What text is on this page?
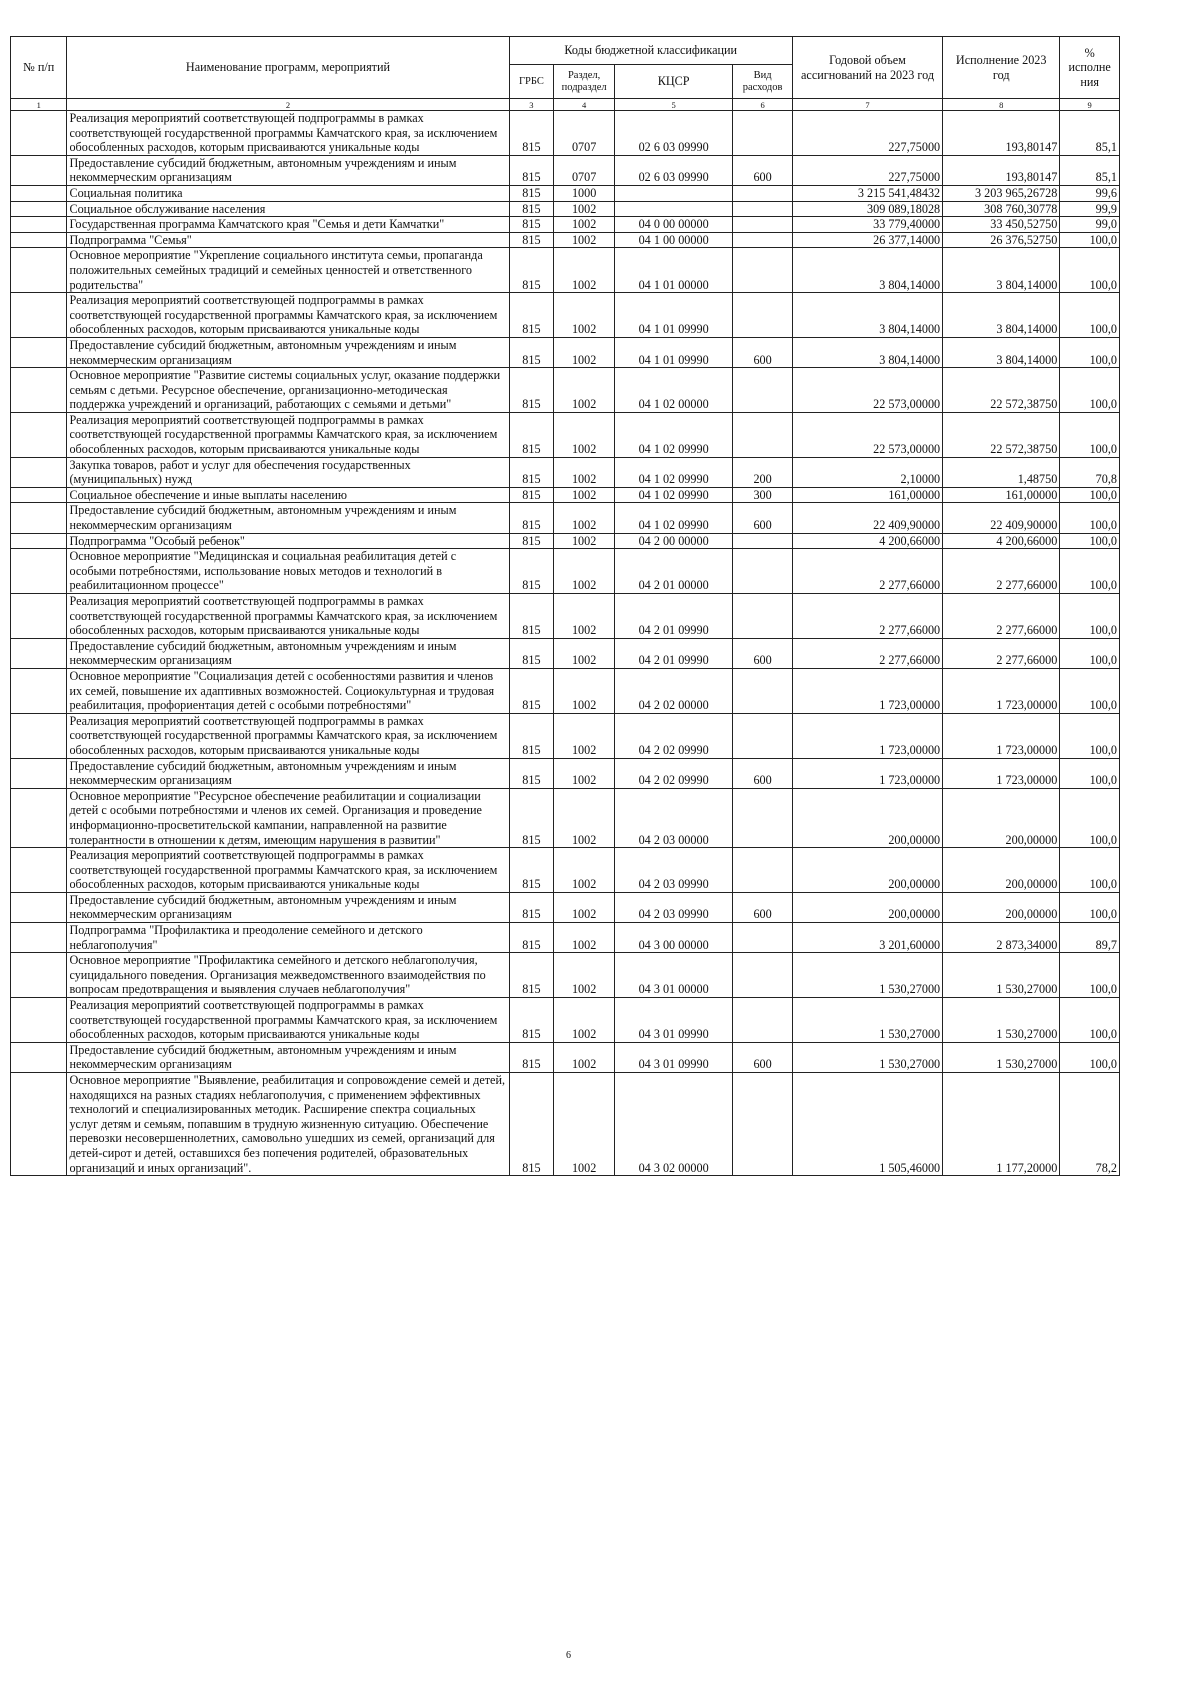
№ п/п	Наименование программ, мероприятий	Коды бюджетной классификации				Годовой объем ассигнований на 2023 год	Исполнение 2023 год	% исполне ния
		ГРБС	Раздел, подраздел	КЦСР	Вид расходов			
1	2	3	4	5	6	7	8	9
	Реализация мероприятий соответствующей подпрограммы в рамках соответствующей государственной программы Камчатского края, за исключением обособленных расходов, которым присваиваются уникальные коды	815	0707	02 6 03 09990		227,75000	193,80147	85,1
	Предоставление субсидий бюджетным, автономным учреждениям и иным некоммерческим организациям	815	0707	02 6 03 09990	600	227,75000	193,80147	85,1
	Социальная политика	815	1000			3 215 541,48432	3 203 965,26728	99,6
	Социальное обслуживание населения	815	1002			309 089,18028	308 760,30778	99,9
	Государственная программа Камчатского края "Семья и дети Камчатки"	815	1002	04 0 00 00000		33 779,40000	33 450,52750	99,0
	Подпрограмма "Семья"	815	1002	04 1 00 00000		26 377,14000	26 376,52750	100,0
	Основное мероприятие "Укрепление социального института семьи, пропаганда положительных семейных традиций и семейных ценностей и ответственного родительства"	815	1002	04 1 01 00000		3 804,14000	3 804,14000	100,0
	Реализация мероприятий соответствующей подпрограммы в рамках соответствующей государственной программы Камчатского края, за исключением обособленных расходов, которым присваиваются уникальные коды	815	1002	04 1 01 09990		3 804,14000	3 804,14000	100,0
	Предоставление субсидий бюджетным, автономным учреждениям и иным некоммерческим организациям	815	1002	04 1 01 09990	600	3 804,14000	3 804,14000	100,0
	Основное мероприятие "Развитие системы социальных услуг, оказание поддержки семьям с детьми. Ресурсное обеспечение, организационно-методическая поддержка учреждений и организаций, работающих с семьями и детьми"	815	1002	04 1 02 00000		22 573,00000	22 572,38750	100,0
	Реализация мероприятий соответствующей подпрограммы в рамках соответствующей государственной программы Камчатского края, за исключением обособленных расходов, которым присваиваются уникальные коды	815	1002	04 1 02 09990		22 573,00000	22 572,38750	100,0
	Закупка товаров, работ и услуг для обеспечения государственных (муниципальных) нужд	815	1002	04 1 02 09990	200	2,10000	1,48750	70,8
	Социальное обеспечение и иные выплаты населению	815	1002	04 1 02 09990	300	161,00000	161,00000	100,0
	Предоставление субсидий бюджетным, автономным учреждениям и иным некоммерческим организациям	815	1002	04 1 02 09990	600	22 409,90000	22 409,90000	100,0
	Подпрограмма "Особый ребенок"	815	1002	04 2 00 00000		4 200,66000	4 200,66000	100,0
	Основное мероприятие "Медицинская и социальная реабилитация детей с особыми потребностями, использование новых методов и технологий в реабилитационном процессе"	815	1002	04 2 01 00000		2 277,66000	2 277,66000	100,0
	Реализация мероприятий соответствующей подпрограммы в рамках соответствующей государственной программы Камчатского края, за исключением обособленных расходов, которым присваиваются уникальные коды	815	1002	04 2 01 09990		2 277,66000	2 277,66000	100,0
	Предоставление субсидий бюджетным, автономным учреждениям и иным некоммерческим организациям	815	1002	04 2 01 09990	600	2 277,66000	2 277,66000	100,0
	Основное мероприятие "Социализация детей с особенностями развития и членов их семей, повышение их адаптивных возможностей. Социокультурная и трудовая реабилитация, профориентация детей с особыми потребностями"	815	1002	04 2 02 00000		1 723,00000	1 723,00000	100,0
	Реализация мероприятий соответствующей подпрограммы в рамках соответствующей государственной программы Камчатского края, за исключением обособленных расходов, которым присваиваются уникальные коды	815	1002	04 2 02 09990		1 723,00000	1 723,00000	100,0
	Предоставление субсидий бюджетным, автономным учреждениям и иным некоммерческим организациям	815	1002	04 2 02 09990	600	1 723,00000	1 723,00000	100,0
	Основное мероприятие "Ресурсное обеспечение реабилитации и социализации детей с особыми потребностями и членов их семей. Организация и проведение информационно-просветительской кампании, направленной на развитие толерантности в отношении к детям, имеющим нарушения в развитии"	815	1002	04 2 03 00000		200,00000	200,00000	100,0
	Реализация мероприятий соответствующей подпрограммы в рамках соответствующей государственной программы Камчатского края, за исключением обособленных расходов, которым присваиваются уникальные коды	815	1002	04 2 03 09990		200,00000	200,00000	100,0
	Предоставление субсидий бюджетным, автономным учреждениям и иным некоммерческим организациям	815	1002	04 2 03 09990	600	200,00000	200,00000	100,0
	Подпрограмма "Профилактика и преодоление семейного и детского неблагополучия"	815	1002	04 3 00 00000		3 201,60000	2 873,34000	89,7
	Основное мероприятие "Профилактика семейного и детского неблагополучия, суицидального поведения. Организация межведомственного взаимодействия по вопросам предотвращения и выявления случаев неблагополучия"	815	1002	04 3 01 00000		1 530,27000	1 530,27000	100,0
	Реализация мероприятий соответствующей подпрограммы в рамках соответствующей государственной программы Камчатского края, за исключением обособленных расходов, которым присваиваются уникальные коды	815	1002	04 3 01 09990		1 530,27000	1 530,27000	100,0
	Предоставление субсидий бюджетным, автономным учреждениям и иным некоммерческим организациям	815	1002	04 3 01 09990	600	1 530,27000	1 530,27000	100,0
	Основное мероприятие "Выявление, реабилитация и сопровождение семей и детей, находящихся на разных стадиях неблагополучия, с применением эффективных технологий и специализированных методик. Расширение спектра социальных услуг детям и семьям, попавшим в трудную жизненную ситуацию. Обеспечение перевозки несовершеннолетних, самовольно ушедших из семей, организаций для детей-сирот и детей, оставшихся без попечения родителей, образовательных организаций и иных организаций".	815	1002	04 3 02 00000		1 505,46000	1 177,20000	78,2
6
